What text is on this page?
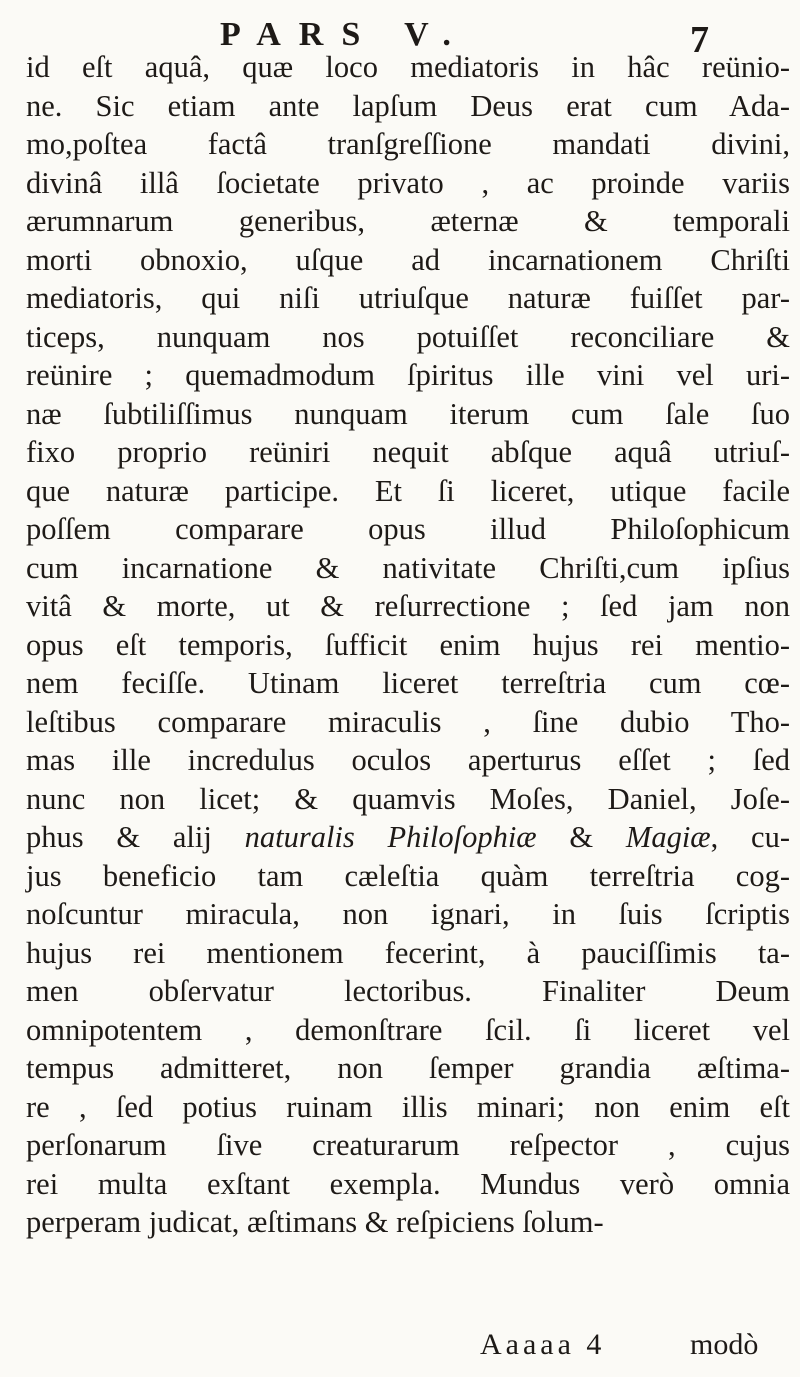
PARS V.	7
id eſt aquâ, quæ loco mediatoris in hâc reünio-
ne. Sic etiam ante lapſum Deus erat cum Ada-
mo,poſtea factâ tranſgreſſione mandati divini,
divinâ illâ ſocietate privato , ac proinde variis
ærumnarum generibus, æternæ & temporali
morti obnoxio, uſque ad incarnationem Chriſti
mediatoris, qui niſi utriuſque naturæ fuiſſet par-
ticeps, nunquam nos potuiſſet reconciliare &
reünire ; quemadmodum ſpiritus ille vini vel uri-
næ ſubtiliſſimus nunquam iterum cum ſale ſuo
fixo proprio reüniri nequit abſque aquâ utriuſ-
que naturæ participe. Et ſi liceret, utique facile
poſſem comparare opus illud Philoſophicum
cum incarnatione & nativitate Chriſti,cum ipſius
vitâ & morte, ut & reſurrectione ; ſed jam non
opus eſt temporis, ſufficit enim hujus rei mentio-
nem feciſſe. Utinam liceret terreſtria cum cœ-
leſtibus comparare miraculis , ſine dubio Tho-
mas ille incredulus oculos aperturus eſſet ; ſed
nunc non licet; & quamvis Moſes, Daniel, Joſe-
phus & alij naturalis Philoſophiæ & Magiæ, cu-
jus beneficio tam cæleſtia quàm terreſtria cog-
noſcuntur miracula, non ignari, in ſuis ſcriptis
hujus rei mentionem fecerint, à pauciſſimis ta-
men obſervatur lectoribus. Finaliter Deum
omnipotentem , demonſtrare ſcil. ſi liceret vel
tempus admitteret, non ſemper grandia æſtima-
re , ſed potius ruinam illis minari; non enim eſt
perſonarum ſive creaturarum reſpector , cujus
rei multa exſtant exempla. Mundus verò omnia
perperam judicat, æſtimans & reſpiciens ſolum-
Aaaaa 4	modò
